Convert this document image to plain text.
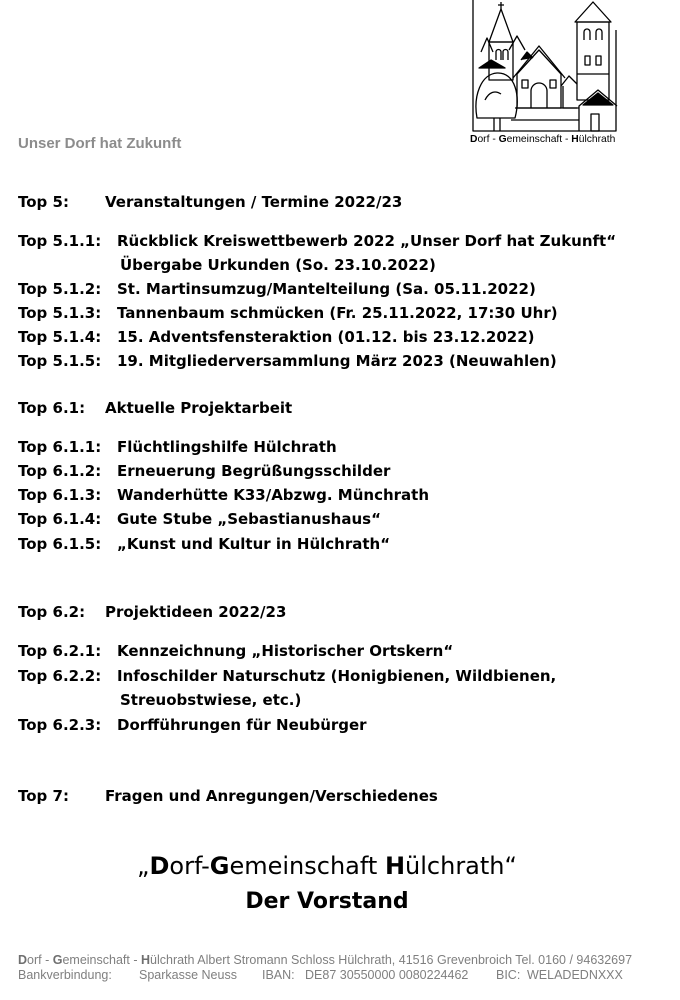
Dorf - Gemeinschaft - Hülchrath
Unser Dorf hat Zukunft
Top 5: Veranstaltungen / Termine 2022/23
Top 5.1.1: Rückblick Kreiswettbewerb 2022 „Unser Dorf hat Zukunft“
Übergabe Urkunden (So. 23.10.2022)
Top 5.1.2: St. Martinsumzug/Mantelteilung (Sa. 05.11.2022)
Top 5.1.3: Tannenbaum schmücken (Fr. 25.11.2022, 17:30 Uhr)
Top 5.1.4: 15. Adventsfensteraktion (01.12. bis 23.12.2022)
Top 5.1.5: 19. Mitgliederversammlung März 2023 (Neuwahlen)
Top 6.1: Aktuelle Projektarbeit
Top 6.1.1: Flüchtlingshilfe Hülchrath
Top 6.1.2: Erneuerung Begrüßungsschilder
Top 6.1.3: Wanderhütte K33/Abzwg. Münchrath
Top 6.1.4: Gute Stube „Sebastianushaus“
Top 6.1.5: „Kunst und Kultur in Hülchrath“
Top 6.2: Projektideen 2022/23
Top 6.2.1: Kennzeichnung „Historischer Ortskern“
Top 6.2.2: Infoschilder Naturschutz (Honigbienen, Wildbienen,
Streuobstwiese, etc.)
Top 6.2.3: Dorfführungen für Neubürger
Top 7: Fragen und Anregungen/Verschiedenes
„Dorf-Gemeinschaft Hülchrath“
Der Vorstand
Dorf - Gemeinschaft - Hülchrath Albert Stromann Schloss Hülchrath, 41516 Grevenbroich Tel. 0160 / 94632697
Bankverbindung: Sparkasse Neuss IBAN: DE87 30550000 0080224462 BIC: WELADEDNXXX
